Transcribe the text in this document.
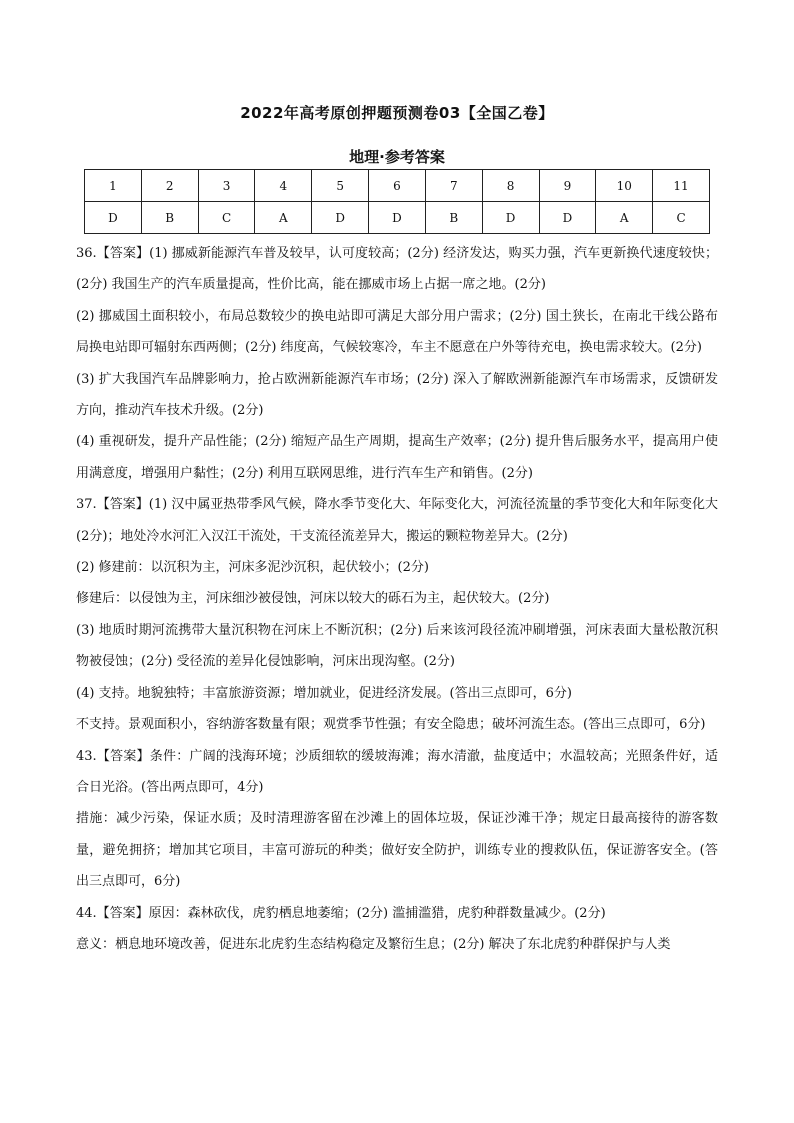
2022年高考原创押题预测卷03【全国乙卷】
地理·参考答案
1	2	3	4	5	6	7	8	9	10	11
D	B	C	A	D	D	B	D	D	A	C

36.【答案】(1) 挪威新能源汽车普及较早，认可度较高；(2分) 经济发达，购买力强，汽车更新换代速度较快；(2分) 我国生产的汽车质量提高，性价比高，能在挪威市场上占据一席之地。(2分)

(2) 挪威国土面积较小，布局总数较少的换电站即可满足大部分用户需求；(2分) 国土狭长，在南北干线公路布局换电站即可辐射东西两侧；(2分) 纬度高，气候较寒冷，车主不愿意在户外等待充电，换电需求较大。(2分)

(3) 扩大我国汽车品牌影响力，抢占欧洲新能源汽车市场；(2分) 深入了解欧洲新能源汽车市场需求，反馈研发方向，推动汽车技术升级。(2分)

(4) 重视研发，提升产品性能；(2分) 缩短产品生产周期，提高生产效率；(2分) 提升售后服务水平，提高用户使用满意度，增强用户黏性；(2分) 利用互联网思维，进行汽车生产和销售。(2分)

37.【答案】(1) 汉中属亚热带季风气候，降水季节变化大、年际变化大，河流径流量的季节变化大和年际变化大(2分)；地处冷水河汇入汉江干流处，干支流径流差异大，搬运的颗粒物差异大。(2分)

(2) 修建前：以沉积为主，河床多泥沙沉积，起伏较小；(2分)

修建后：以侵蚀为主，河床细沙被侵蚀，河床以较大的砾石为主，起伏较大。(2分)

(3) 地质时期河流携带大量沉积物在河床上不断沉积；(2分) 后来该河段径流冲刷增强，河床表面大量松散沉积物被侵蚀；(2分) 受径流的差异化侵蚀影响，河床出现沟壑。(2分)

(4) 支持。地貌独特；丰富旅游资源；增加就业，促进经济发展。(答出三点即可，6分)

不支持。景观面积小，容纳游客数量有限；观赏季节性强；有安全隐患；破坏河流生态。(答出三点即可，6分)

43.【答案】条件：广阔的浅海环境；沙质细软的缓坡海滩；海水清澈，盐度适中；水温较高；光照条件好，适合日光浴。(答出两点即可，4分)

措施：减少污染，保证水质；及时清理游客留在沙滩上的固体垃圾，保证沙滩干净；规定日最高接待的游客数量，避免拥挤；增加其它项目，丰富可游玩的种类；做好安全防护，训练专业的搜救队伍，保证游客安全。(答出三点即可，6分)

44.【答案】原因：森林砍伐，虎豹栖息地萎缩；(2分) 滥捕滥猎，虎豹种群数量减少。(2分)

意义：栖息地环境改善，促进东北虎豹生态结构稳定及繁衍生息；(2分) 解决了东北虎豹种群保护与人类
